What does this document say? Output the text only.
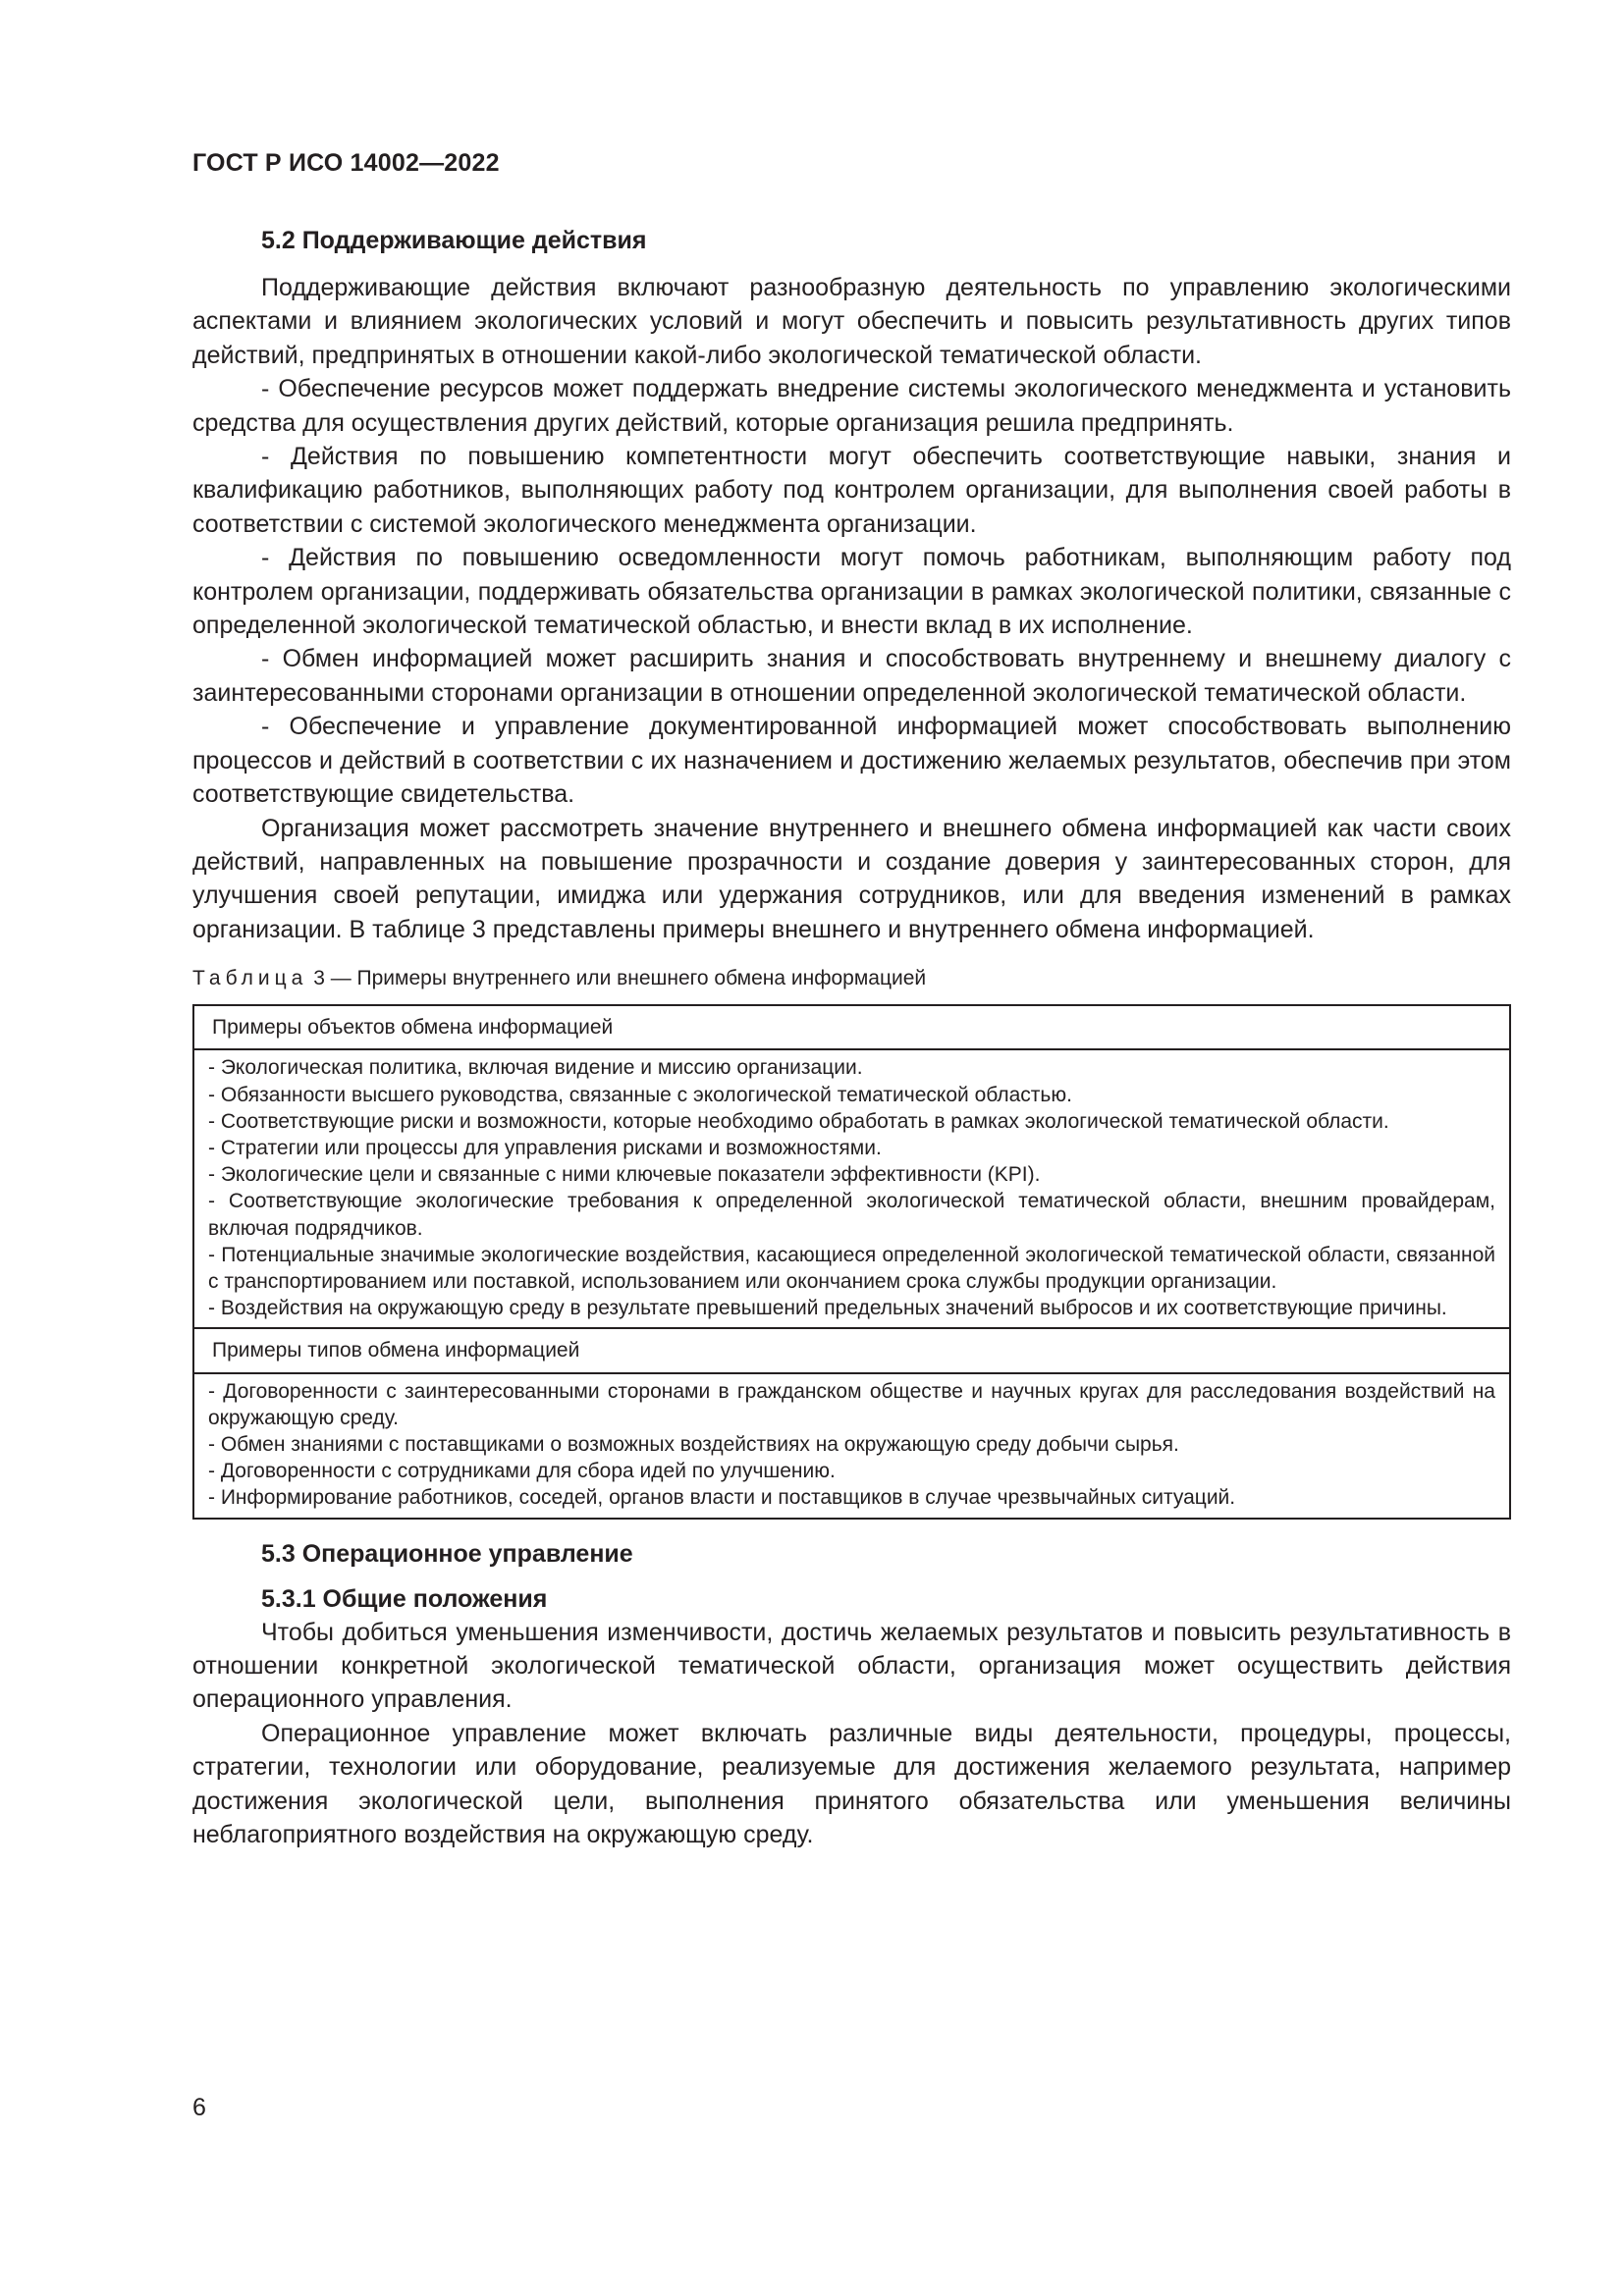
ГОСТ Р ИСО 14002—2022
5.2 Поддерживающие действия

Поддерживающие действия включают разнообразную деятельность по управлению экологическими аспектами и влиянием экологических условий и могут обеспечить и повысить результативность других типов действий, предпринятых в отношении какой-либо экологической тематической области.

- Обеспечение ресурсов может поддержать внедрение системы экологического менеджмента и установить средства для осуществления других действий, которые организация решила предпринять.

- Действия по повышению компетентности могут обеспечить соответствующие навыки, знания и квалификацию работников, выполняющих работу под контролем организации, для выполнения своей работы в соответствии с системой экологического менеджмента организации.

- Действия по повышению осведомленности могут помочь работникам, выполняющим работу под контролем организации, поддерживать обязательства организации в рамках экологической политики, связанные с определенной экологической тематической областью, и внести вклад в их исполнение.

- Обмен информацией может расширить знания и способствовать внутреннему и внешнему диалогу с заинтересованными сторонами организации в отношении определенной экологической тематической области.

- Обеспечение и управление документированной информацией может способствовать выполнению процессов и действий в соответствии с их назначением и достижению желаемых результатов, обеспечив при этом соответствующие свидетельства.

Организация может рассмотреть значение внутреннего и внешнего обмена информацией как части своих действий, направленных на повышение прозрачности и создание доверия у заинтересованных сторон, для улучшения своей репутации, имиджа или удержания сотрудников, или для введения изменений в рамках организации. В таблице 3 представлены примеры внешнего и внутреннего обмена информацией.

Таблица 3 — Примеры внутреннего или внешнего обмена информацией
Примеры объектов обмена информацией

- Экологическая политика, включая видение и миссию организации.
- Обязанности высшего руководства, связанные с экологической тематической областью.
- Соответствующие риски и возможности, которые необходимо обработать в рамках экологической тематической области.
- Стратегии или процессы для управления рисками и возможностями.
- Экологические цели и связанные с ними ключевые показатели эффективности (KPI).
- Соответствующие экологические требования к определенной экологической тематической области, внешним провайдерам, включая подрядчиков.
- Потенциальные значимые экологические воздействия, касающиеся определенной экологической тематической области, связанной с транспортированием или поставкой, использованием или окончанием срока службы продукции организации.
- Воздействия на окружающую среду в результате превышений предельных значений выбросов и их соответствующие причины.

Примеры типов обмена информацией

- Договоренности с заинтересованными сторонами в гражданском обществе и научных кругах для расследования воздействий на окружающую среду.
- Обмен знаниями с поставщиками о возможных воздействиях на окружающую среду добычи сырья.
- Договоренности с сотрудниками для сбора идей по улучшению.
- Информирование работников, соседей, органов власти и поставщиков в случае чрезвычайных ситуаций.
5.3 Операционное управление
5.3.1 Общие положения

Чтобы добиться уменьшения изменчивости, достичь желаемых результатов и повысить результативность в отношении конкретной экологической тематической области, организация может осуществить действия операционного управления.

Операционное управление может включать различные виды деятельности, процедуры, процессы, стратегии, технологии или оборудование, реализуемые для достижения желаемого результата, например достижения экологической цели, выполнения принятого обязательства или уменьшения величины неблагоприятного воздействия на окружающую среду.

6
